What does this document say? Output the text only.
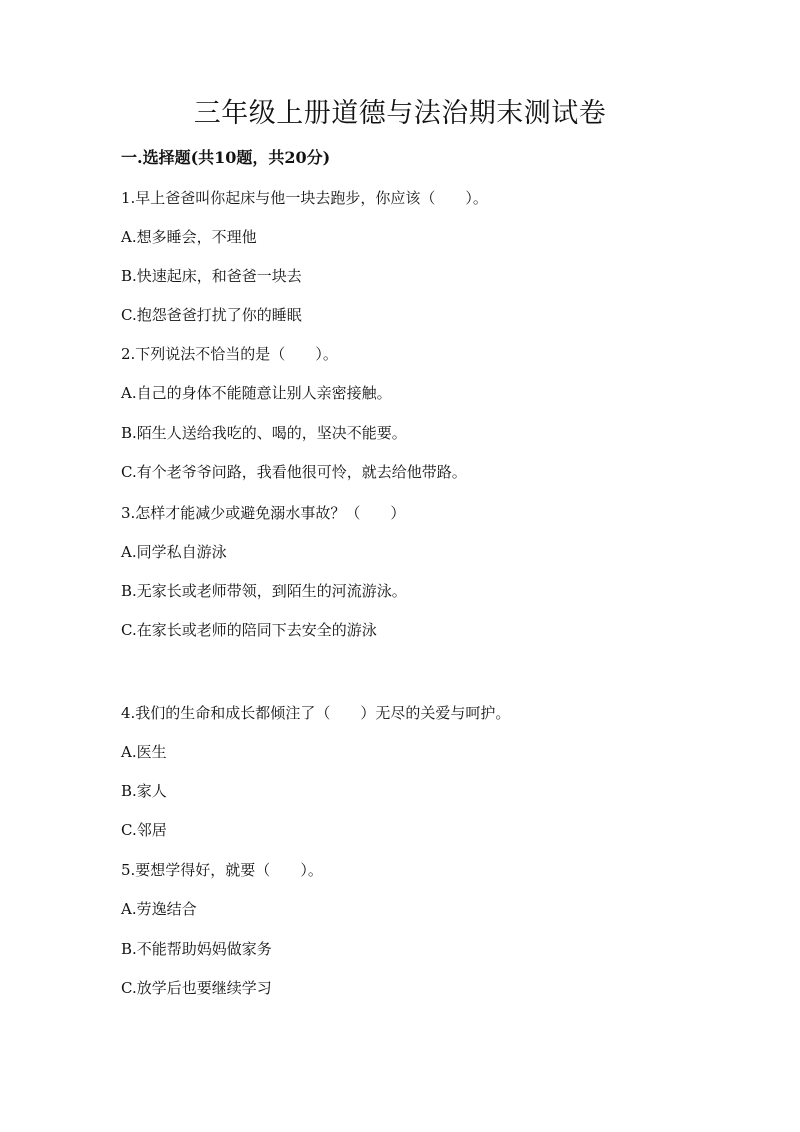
三年级上册道德与法治期末测试卷
一.选择题(共10题，共20分)
1.早上爸爸叫你起床与他一块去跑步，你应该（　　）。
A.想多睡会，不理他
B.快速起床，和爸爸一块去
C.抱怨爸爸打扰了你的睡眠
2.下列说法不恰当的是（　　）。
A.自己的身体不能随意让别人亲密接触。
B.陌生人送给我吃的、喝的，坚决不能要。
C.有个老爷爷问路，我看他很可怜，就去给他带路。
3.怎样才能减少或避免溺水事故？（　　）
A.同学私自游泳
B.无家长或老师带领，到陌生的河流游泳。
C.在家长或老师的陪同下去安全的游泳
4.我们的生命和成长都倾注了（　　）无尽的关爱与呵护。
A.医生
B.家人
C.邻居
5.要想学得好，就要（　　）。
A.劳逸结合
B.不能帮助妈妈做家务
C.放学后也要继续学习
